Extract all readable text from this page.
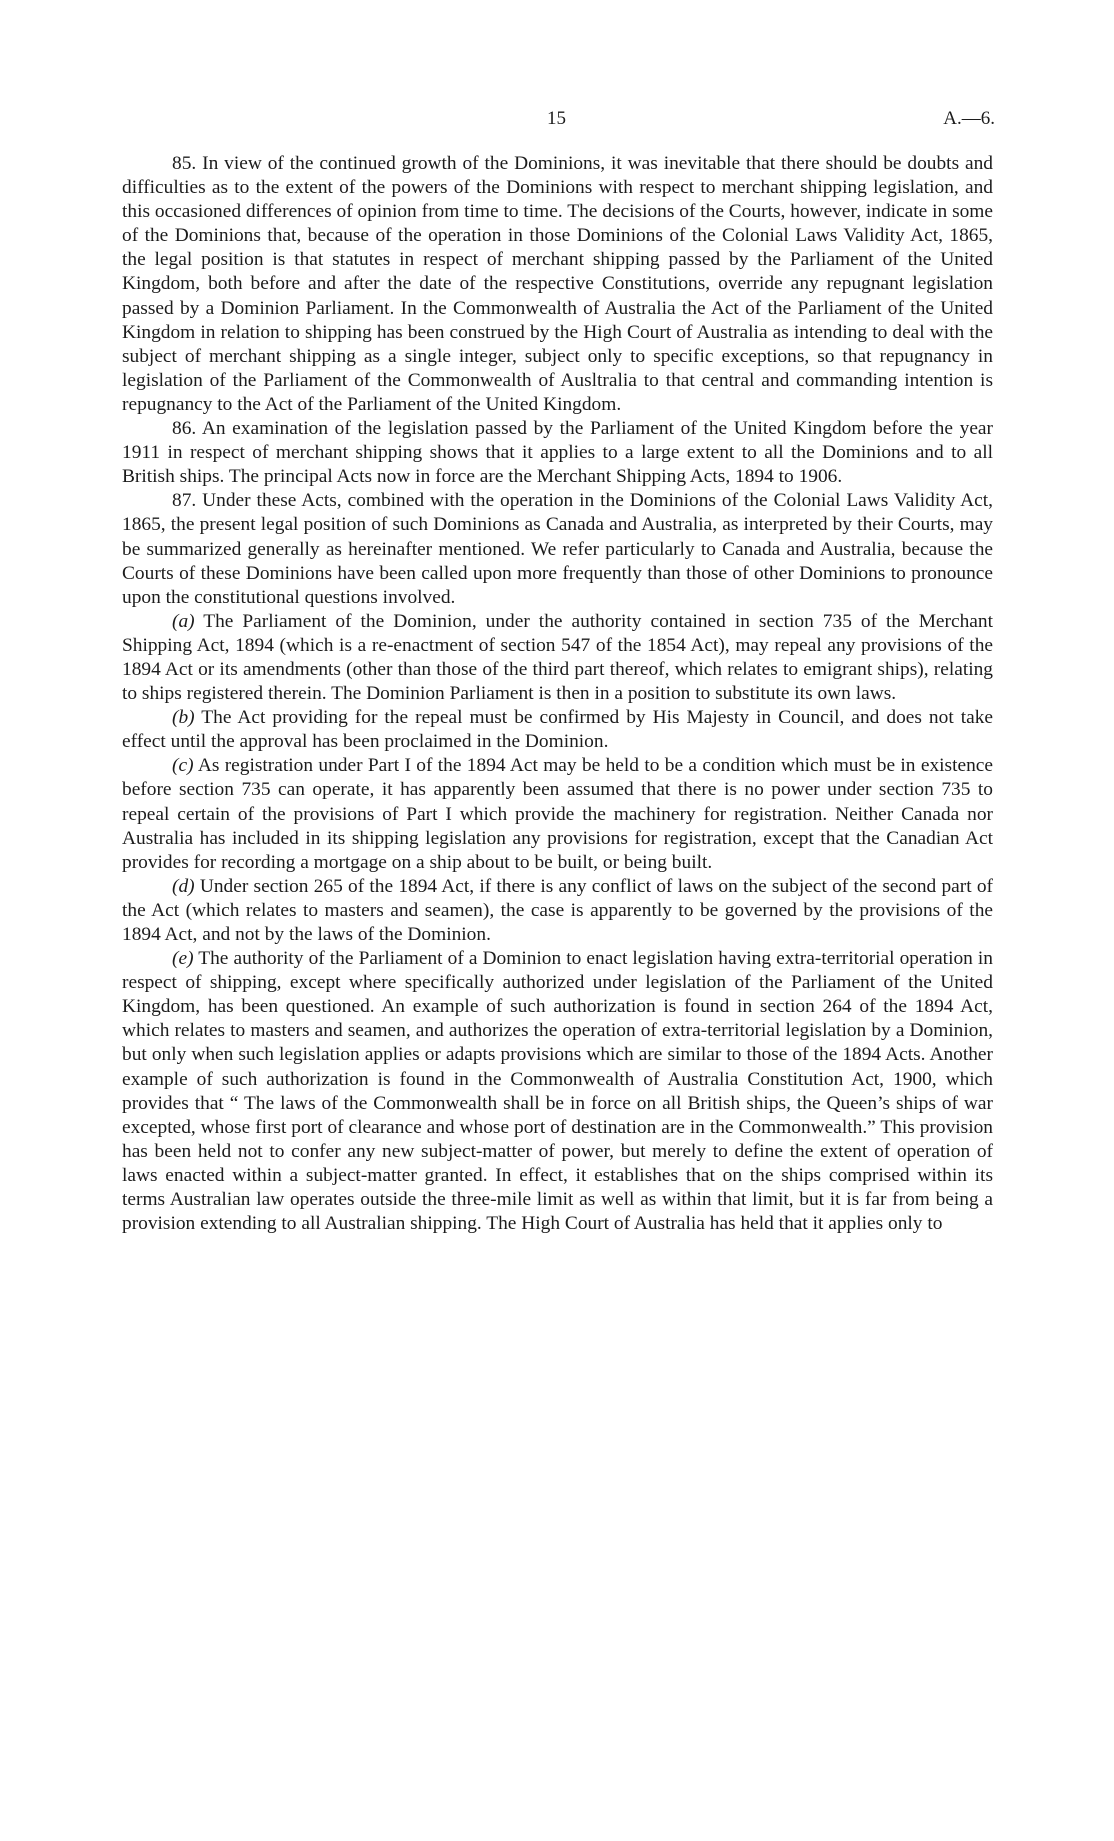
15	A.—6.

85. In view of the continued growth of the Dominions, it was inevitable that there should be doubts and difficulties as to the extent of the powers of the Dominions with respect to merchant shipping legislation, and this occasioned differences of opinion from time to time. The decisions of the Courts, however, indicate in some of the Dominions that, because of the operation in those Dominions of the Colonial Laws Validity Act, 1865, the legal position is that statutes in respect of merchant shipping passed by the Parliament of the United Kingdom, both before and after the date of the respective Constitutions, override any repugnant legislation passed by a Dominion Parliament. In the Commonwealth of Australia the Act of the Parliament of the United Kingdom in relation to shipping has been construed by the High Court of Australia as intending to deal with the subject of merchant shipping as a single integer, subject only to specific exceptions, so that repugnancy in legislation of the Parliament of the Commonwealth of Ausltralia to that central and commanding intention is repugnancy to the Act of the Parliament of the United Kingdom.

86. An examination of the legislation passed by the Parliament of the United Kingdom before the year 1911 in respect of merchant shipping shows that it applies to a large extent to all the Dominions and to all British ships. The principal Acts now in force are the Merchant Shipping Acts, 1894 to 1906.

87. Under these Acts, combined with the operation in the Dominions of the Colonial Laws Validity Act, 1865, the present legal position of such Dominions as Canada and Australia, as interpreted by their Courts, may be summarized generally as hereinafter mentioned. We refer particularly to Canada and Australia, because the Courts of these Dominions have been called upon more frequently than those of other Dominions to pronounce upon the constitutional questions involved.

(a) The Parliament of the Dominion, under the authority contained in section 735 of the Merchant Shipping Act, 1894 (which is a re-enactment of section 547 of the 1854 Act), may repeal any provisions of the 1894 Act or its amendments (other than those of the third part thereof, which relates to emigrant ships), relating to ships registered therein. The Dominion Parliament is then in a position to substitute its own laws.

(b) The Act providing for the repeal must be confirmed by His Majesty in Council, and does not take effect until the approval has been proclaimed in the Dominion.

(c) As registration under Part I of the 1894 Act may be held to be a condition which must be in existence before section 735 can operate, it has apparently been assumed that there is no power under section 735 to repeal certain of the provisions of Part I which provide the machinery for registration. Neither Canada nor Australia has included in its shipping legislation any provisions for registration, except that the Canadian Act provides for recording a mortgage on a ship about to be built, or being built.

(d) Under section 265 of the 1894 Act, if there is any conflict of laws on the subject of the second part of the Act (which relates to masters and seamen), the case is apparently to be governed by the provisions of the 1894 Act, and not by the laws of the Dominion.

(e) The authority of the Parliament of a Dominion to enact legislation having extra-territorial operation in respect of shipping, except where specifically authorized under legislation of the Parliament of the United Kingdom, has been questioned. An example of such authorization is found in section 264 of the 1894 Act, which relates to masters and seamen, and authorizes the operation of extra-territorial legislation by a Dominion, but only when such legislation applies or adapts provisions which are similar to those of the 1894 Acts. Another example of such authorization is found in the Commonwealth of Australia Constitution Act, 1900, which provides that “ The laws of the Commonwealth shall be in force on all British ships, the Queen’s ships of war excepted, whose first port of clearance and whose port of destination are in the Commonwealth.” This provision has been held not to confer any new subject-matter of power, but merely to define the extent of operation of laws enacted within a subject-matter granted. In effect, it establishes that on the ships comprised within its terms Australian law operates outside the three-mile limit as well as within that limit, but it is far from being a provision extending to all Australian shipping. The High Court of Australia has held that it applies only to
